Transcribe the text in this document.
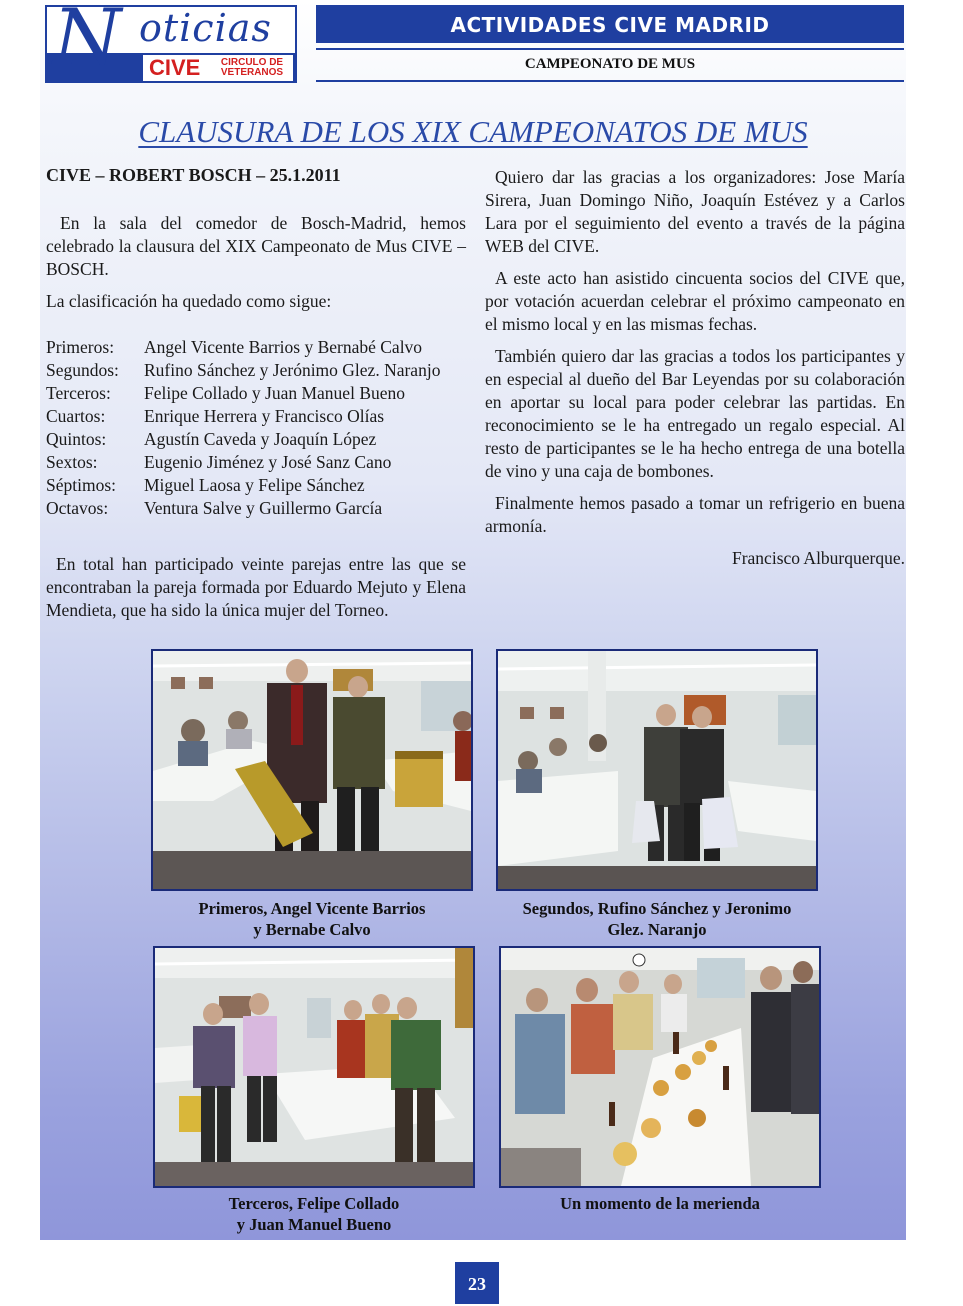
N oticias
CIVE	CIRCULO DE
VETERANOS
ACTIVIDADES CIVE MADRID
CAMPEONATO DE MUS
CLAUSURA DE LOS XIX CAMPEONATOS DE MUS
CIVE – ROBERT BOSCH – 25.1.2011
En la sala del comedor de Bosch-Madrid, hemos celebrado la clausura del XIX Campeonato de Mus CIVE – BOSCH.
La clasificación ha quedado como sigue:
Primeros:	Angel Vicente Barrios y Bernabé Calvo
Segundos:	Rufino Sánchez y Jerónimo Glez. Naranjo
Terceros:	Felipe Collado y Juan Manuel Bueno
Cuartos:	Enrique Herrera y Francisco Olías
Quintos:	Agustín Caveda y Joaquín López
Sextos:	Eugenio Jiménez y José Sanz Cano
Séptimos:	Miguel Laosa y Felipe Sánchez
Octavos:	Ventura Salve y Guillermo García
En total han participado veinte parejas entre las que se encontraban la pareja formada por Eduardo Mejuto y Elena Mendieta, que ha sido la única mujer del Torneo.
Quiero dar las gracias a los organizadores: Jose María Sirera, Juan Domingo Niño, Joaquín Estévez y a Carlos Lara por el seguimiento del evento a través de la página WEB del CIVE.
A este acto han asistido cincuenta socios del CIVE que, por votación acuerdan celebrar el próximo campeonato en el mismo local y en las mismas fechas.
También quiero dar las gracias a todos los participantes y en especial al dueño del Bar Leyendas por su colaboración en aportar su local para poder celebrar las partidas. En reconocimiento se le ha entregado un regalo especial. Al resto de participantes se le ha hecho entrega de una botella de vino y una caja de bombones.
Finalmente hemos pasado a tomar un refrigerio en buena armonía.
Francisco Alburquerque.
Primeros, Angel Vicente Barrios
y Bernabe Calvo
Segundos, Rufino Sánchez y Jeronimo
Glez. Naranjo
Terceros, Felipe Collado
y Juan Manuel Bueno
Un momento de la merienda
23
